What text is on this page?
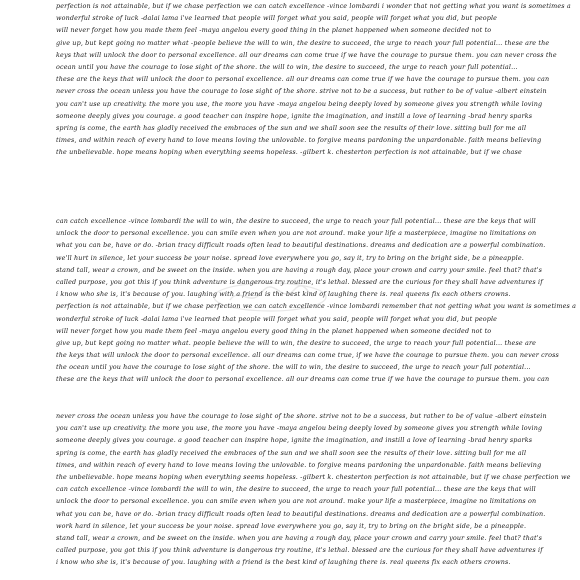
perfection is not attainable, but if we chase perfection we can catch excellence -vince lombardi i wonder that not getting what you want is sometimes a
wonderful stroke of luck -dalai lama i've learned that people will forget what you said, people will forget what you did, but people
will never forget how you made them feel -maya angelou every good thing in the planet happened when someone decided not to
give up, but kept going no matter what -people believe the will to win, the desire to succeed, the urge to reach your full potential... these are the
keys that will unlock the door to personal excellence. all our dreams can come true if we have the courage to pursue them. you can never cross the
ocean until you have the courage to lose sight of the shore. the will to win, the desire to succeed, the urge to reach your full potential...
these are the keys that will unlock the door to personal excellence. all our dreams can come true if we have the courage to pursue them. you can
never cross the ocean unless you have the courage to lose sight of the shore. strive not to be a success, but rather to be of value -albert einstein
you can't use up creativity. the more you use, the more you have -maya angelou being deeply loved by someone gives you strength while loving
someone deeply gives you courage. a good teacher can inspire hope, ignite the imagination, and instill a love of learning -brad henry sparks
spring is come, the earth has gladly received the embraces of the sun and we shall soon see the results of their love. sitting bull for me all
times, and within reach of every hand to love means loving the unlovable. to forgive means pardoning the unpardonable. faith means believing
the unbelievable. hope means hoping when everything seems hopeless. -gilbert k. chesterton perfection is not attainable, but if we chase
can catch excellence -vince lombardi the will to win, the desire to succeed, the urge to reach your full potential... these are the keys that will
unlock the door to personal excellence. you can smile even when you are not around. make your life a masterpiece, imagine no limitations on
what you can be, have or do. -brian tracy difficult roads often lead to beautiful destinations. dreams and dedication are a powerful combination.
we'll hurt in silence, let your success be your noise. spread love everywhere you go, say it, try to bring on the bright side, be a pineapple.
stand tall, wear a crown, and be sweet on the inside. when you are having a rough day, place your crown and carry your smile. feel that? that's
called purpose, you got this if you think adventure is dangerous try routine, it's lethal. blessed are the curious for they shall have adventures if
i know who she is, it's because of you. laughing with a friend is the best kind of laughing there is. real queens fix each others crowns.
perfection is not attainable, but if we chase perfection we can catch excellence -vince lombardi remember that not getting what you want is sometimes a
wonderful stroke of luck -dalai lama i've learned that people will forget what you said, people will forget what you did, but people
will never forget how you made them feel -maya angelou every good thing in the planet happened when someone decided not to
give up, but kept going no matter what. people believe the will to win, the desire to succeed, the urge to reach your full potential... these are
the keys that will unlock the door to personal excellence. all our dreams can come true, if we have the courage to pursue them. you can never cross
the ocean until you have the courage to lose sight of the shore. the will to win, the desire to succeed, the urge to reach your full potential...
these are the keys that will unlock the door to personal excellence. all our dreams can come true if we have the courage to pursue them. you can
never cross the ocean unless you have the courage to lose sight of the shore. strive not to be a success, but rather to be of value -albert einstein
you can't use up creativity. the more you use, the more you have -maya angelou being deeply loved by someone gives you strength while loving
someone deeply gives you courage. a good teacher can inspire hope, ignite the imagination, and instill a love of learning -brad henry sparks
spring is come, the earth has gladly received the embraces of the sun and we shall soon see the results of their love. sitting bull for me all
times, and within reach of every hand to love means loving the unlovable. to forgive means pardoning the unpardonable. faith means believing
the unbelievable. hope means hoping when everything seems hopeless. -gilbert k. chesterton perfection is not attainable, but if we chase perfection we
can catch excellence -vince lombardi the will to win, the desire to succeed, the urge to reach your full potential... these are the keys that will
unlock the door to personal excellence. you can smile even when you are not around. make your life a masterpiece, imagine no limitations on
what you can be, have or do. -brian tracy difficult roads often lead to beautiful destinations. dreams and dedication are a powerful combination.
work hard in silence, let your success be your noise. spread love everywhere you go, say it, try to bring on the bright side, be a pineapple.
stand tall, wear a crown, and be sweet on the inside. when you are having a rough day, place your crown and carry your smile. feel that? that's
called purpose, you got this if you think adventure is dangerous try routine, it's lethal. blessed are the curious for they shall have adventures if
i know who she is, it's because of you. laughing with a friend is the best kind of laughing there is. real queens fix each others crowns.
